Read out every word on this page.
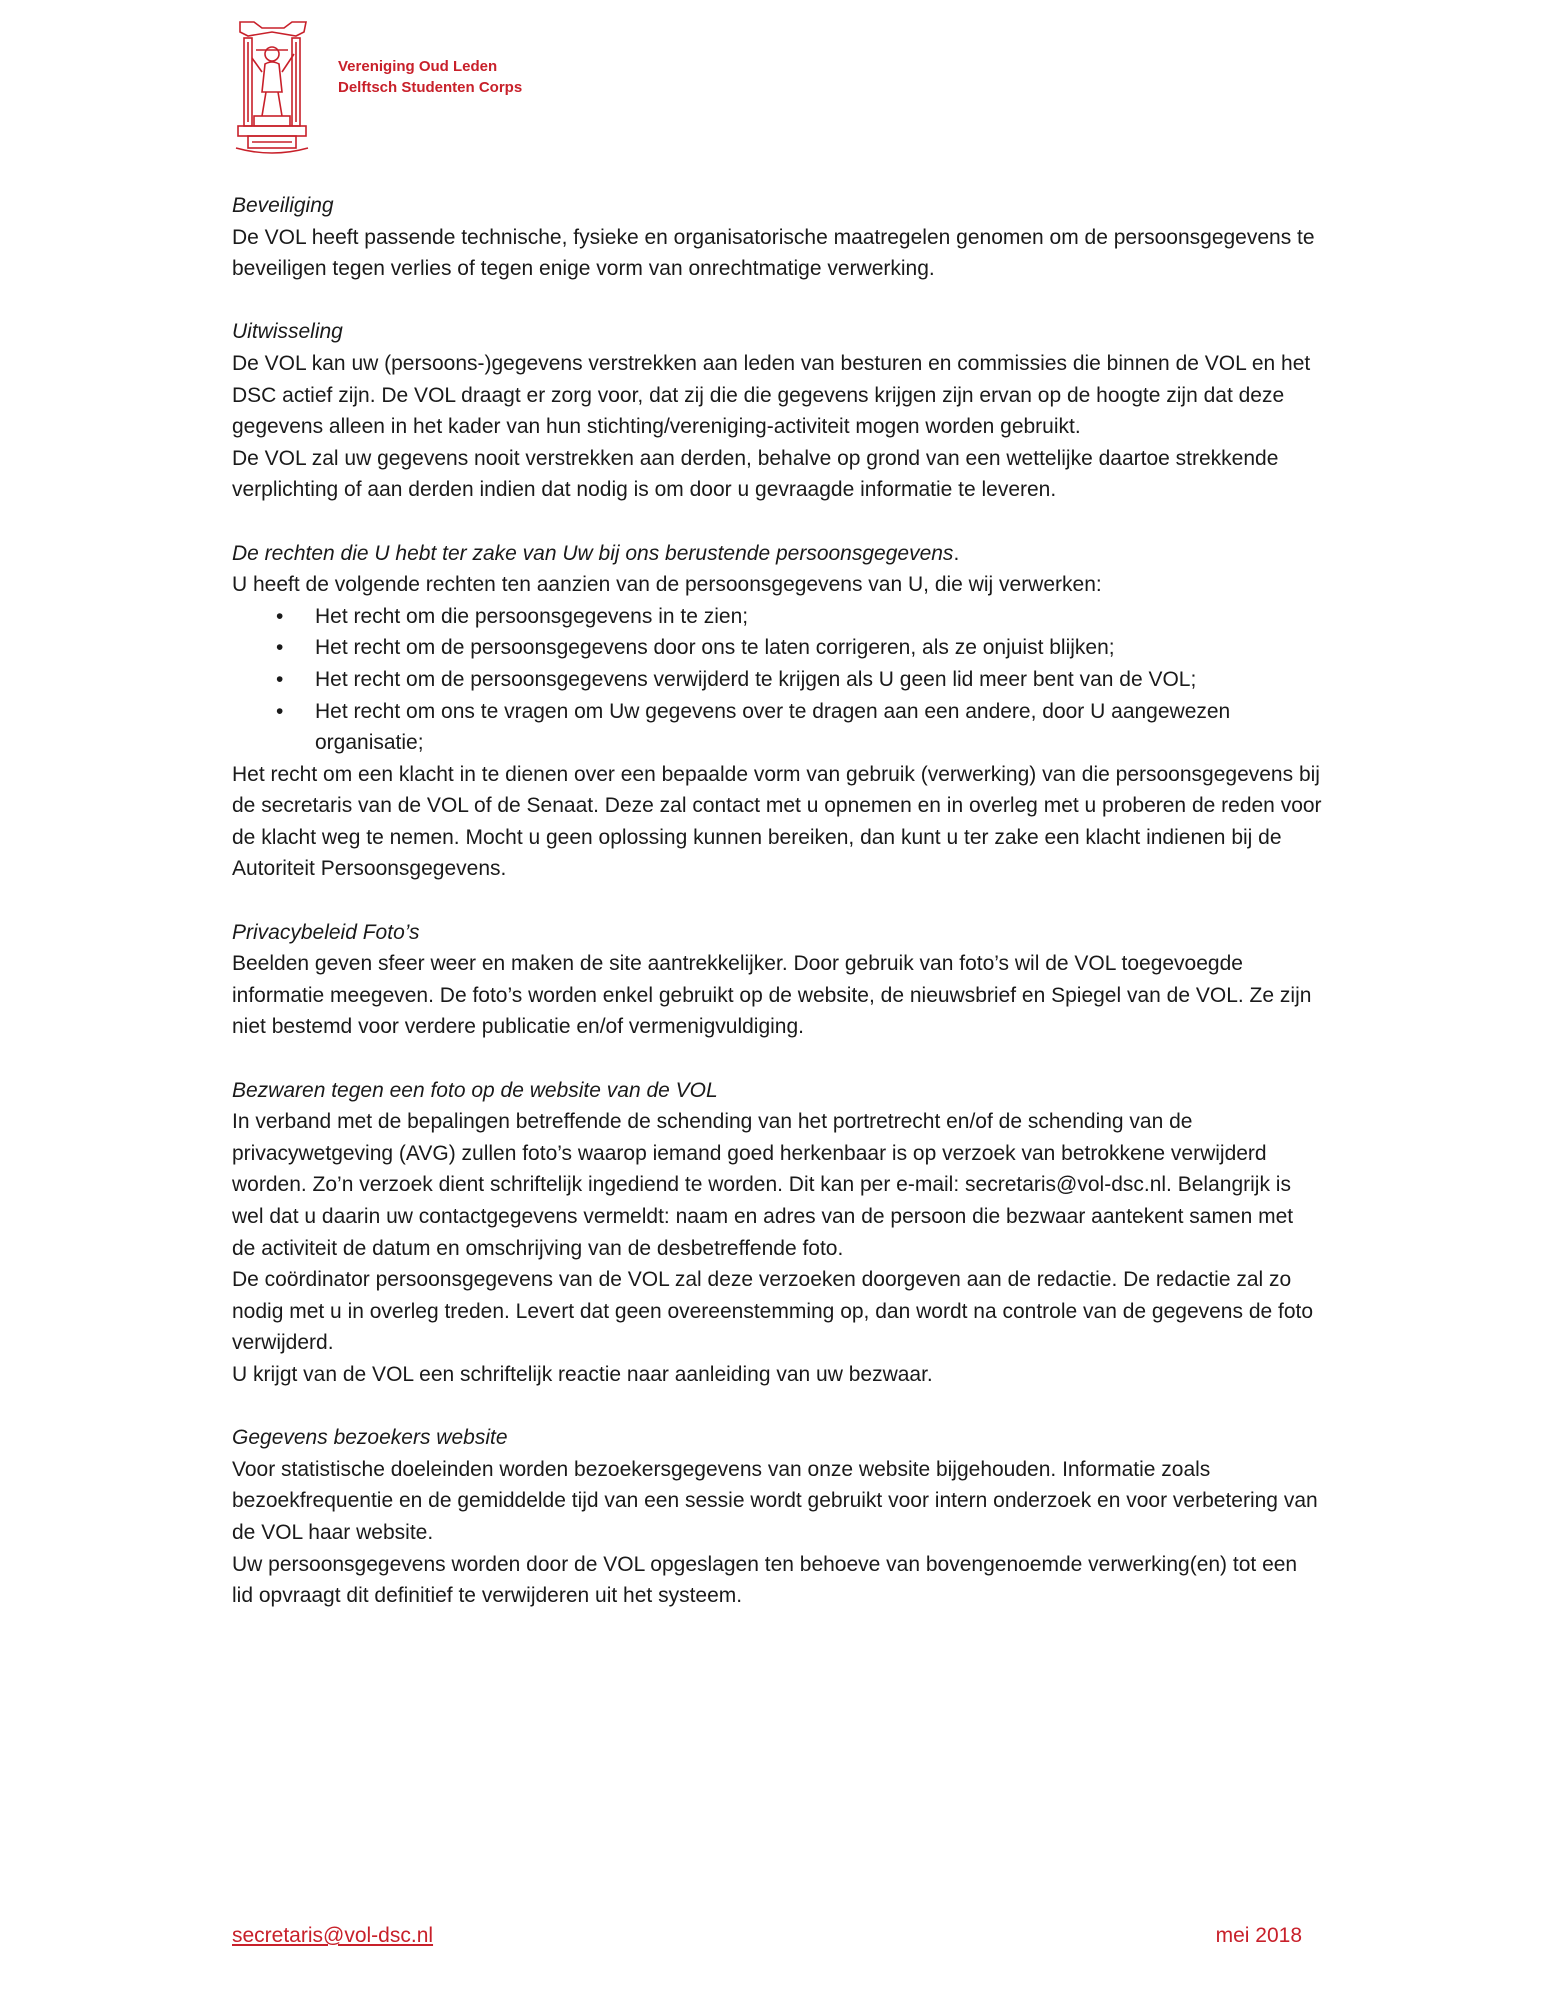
Vereniging Oud Leden
Delftsch Studenten Corps
Beveiliging

De VOL heeft passende technische, fysieke en organisatorische maatregelen genomen om de persoonsgegevens te beveiligen tegen verlies of tegen enige vorm van onrechtmatige verwerking.

Uitwisseling

De VOL kan uw (persoons-)gegevens verstrekken aan leden van besturen en commissies die binnen de VOL en het DSC actief zijn. De VOL draagt er zorg voor, dat zij die die gegevens krijgen zijn ervan op de hoogte zijn dat deze gegevens alleen in het kader van hun stichting/vereniging-activiteit mogen worden gebruikt.

De VOL zal uw gegevens nooit verstrekken aan derden, behalve op grond van een wettelijke daartoe strekkende verplichting of aan derden indien dat nodig is om door u gevraagde informatie te leveren.

De rechten die U hebt ter zake van Uw bij ons berustende persoonsgegevens.

U heeft de volgende rechten ten aanzien van de persoonsgegevens van U, die wij verwerken:

• Het recht om die persoonsgegevens in te zien;
• Het recht om de persoonsgegevens door ons te laten corrigeren, als ze onjuist blijken;
• Het recht om de persoonsgegevens verwijderd te krijgen als U geen lid meer bent van de VOL;
• Het recht om ons te vragen om Uw gegevens over te dragen aan een andere, door U aangewezen organisatie;

Het recht om een klacht in te dienen over een bepaalde vorm van gebruik (verwerking) van die persoonsgegevens bij de secretaris van de VOL of de Senaat. Deze zal contact met u opnemen en in overleg met u proberen de reden voor de klacht weg te nemen. Mocht u geen oplossing kunnen bereiken, dan kunt u ter zake een klacht indienen bij de Autoriteit Persoonsgegevens.

Privacybeleid Foto’s

Beelden geven sfeer weer en maken de site aantrekkelijker. Door gebruik van foto’s wil de VOL toegevoegde informatie meegeven. De foto’s worden enkel gebruikt op de website, de nieuwsbrief en Spiegel van de VOL. Ze zijn niet bestemd voor verdere publicatie en/of vermenigvuldiging.

Bezwaren tegen een foto op de website van de VOL

In verband met de bepalingen betreffende de schending van het portretrecht en/of de schending van de privacywetgeving (AVG) zullen foto’s waarop iemand goed herkenbaar is op verzoek van betrokkene verwijderd worden. Zo’n verzoek dient schriftelijk ingediend te worden. Dit kan per e-mail: secretaris@vol-dsc.nl. Belangrijk is wel dat u daarin uw contactgegevens vermeldt: naam en adres van de persoon die bezwaar aantekent samen met de activiteit de datum en omschrijving van de desbetreffende foto.

De coördinator persoonsgegevens van de VOL zal deze verzoeken doorgeven aan de redactie. De redactie zal zo nodig met u in overleg treden. Levert dat geen overeenstemming op, dan wordt na controle van de gegevens de foto verwijderd.

U krijgt van de VOL een schriftelijk reactie naar aanleiding van uw bezwaar.

Gegevens bezoekers website

Voor statistische doeleinden worden bezoekersgegevens van onze website bijgehouden. Informatie zoals bezoekfrequentie en de gemiddelde tijd van een sessie wordt gebruikt voor intern onderzoek en voor verbetering van de VOL haar website.

Uw persoonsgegevens worden door de VOL opgeslagen ten behoeve van bovengenoemde verwerking(en) tot een lid opvraagt dit definitief te verwijderen uit het systeem.

secretaris@vol-dsc.nl	mei 2018
